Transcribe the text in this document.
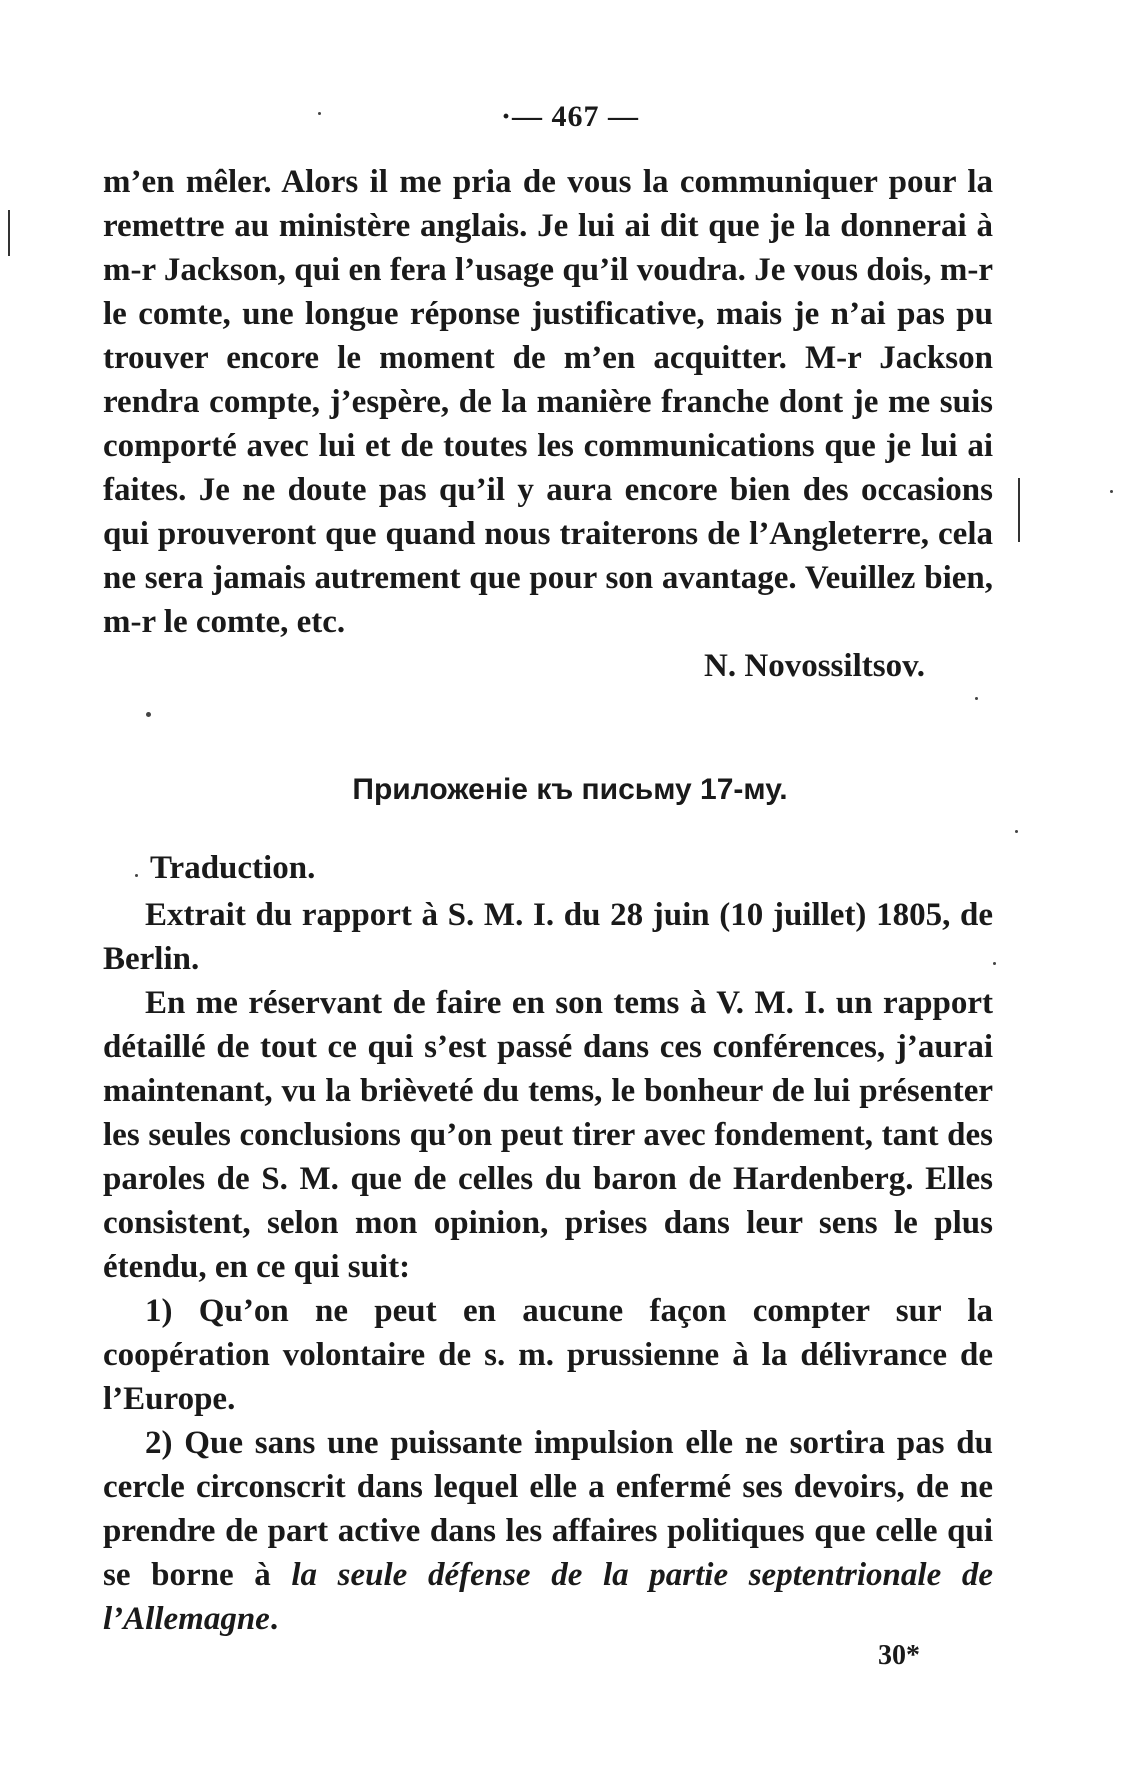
·— 467 —

m’en mêler. Alors il me pria de vous la communiquer pour la remettre au ministère anglais. Je lui ai dit que je la donnerai à m-r Jackson, qui en fera l’usage qu’il voudra. Je vous dois, m-r le comte, une longue réponse justificative, mais je n’ai pas pu trouver encore le moment de m’en acquitter. M-r Jackson rendra compte, j’espère, de la manière franche dont je me suis comporté avec lui et de toutes les communications que je lui ai faites. Je ne doute pas qu’il y aura encore bien des occasions qui prouveront que quand nous traiterons de l’Angleterre, cela ne sera jamais autrement que pour son avantage. Veuillez bien, m-r le comte, etc.

N. Novossiltsov.
Приложеніе къ письму 17-му.
Traduction.

Extrait du rapport à S. M. I. du 28 juin (10 juillet) 1805, de Berlin.

En me réservant de faire en son tems à V. M. I. un rapport détaillé de tout ce qui s’est passé dans ces conférences, j’aurai maintenant, vu la brièveté du tems, le bonheur de lui présenter les seules conclusions qu’on peut tirer avec fondement, tant des paroles de S. M. que de celles du baron de Hardenberg. Elles consistent, selon mon opinion, prises dans leur sens le plus étendu, en ce qui suit:

1) Qu’on ne peut en aucune façon compter sur la coopération volontaire de s. m. prussienne à la délivrance de l’Europe.

2) Que sans une puissante impulsion elle ne sortira pas du cercle circonscrit dans lequel elle a enfermé ses devoirs, de ne prendre de part active dans les affaires politiques que celle qui se borne à la seule défense de la partie septentrionale de l’Allemagne.

30*
